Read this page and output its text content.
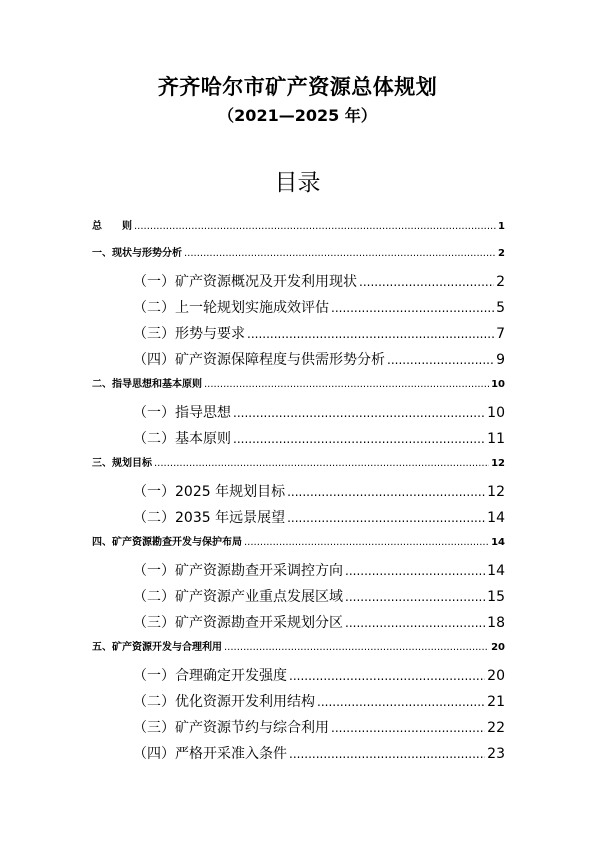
齐齐哈尔市矿产资源总体规划
（2021—2025 年）
目录
总　　则 .....	1
一、现状与形势分析 .....	2
（一）矿产资源概况及开发利用现状 .....	2
（二）上一轮规划实施成效评估 .....	5
（三）形势与要求 .....	7
（四）矿产资源保障程度与供需形势分析 .....	9
二、指导思想和基本原则 .....	10
（一）指导思想 .....	10
（二）基本原则 .....	11
三、规划目标 .....	12
（一）2025 年规划目标 .....	12
（二）2035 年远景展望 .....	14
四、矿产资源勘查开发与保护布局 .....	14
（一）矿产资源勘查开采调控方向 .....	14
（二）矿产资源产业重点发展区域 .....	15
（三）矿产资源勘查开采规划分区 .....	18
五、矿产资源开发与合理利用 .....	20
（一）合理确定开发强度 .....	20
（二）优化资源开发利用结构 .....	21
（三）矿产资源节约与综合利用 .....	22
（四）严格开采准入条件 .....	23
